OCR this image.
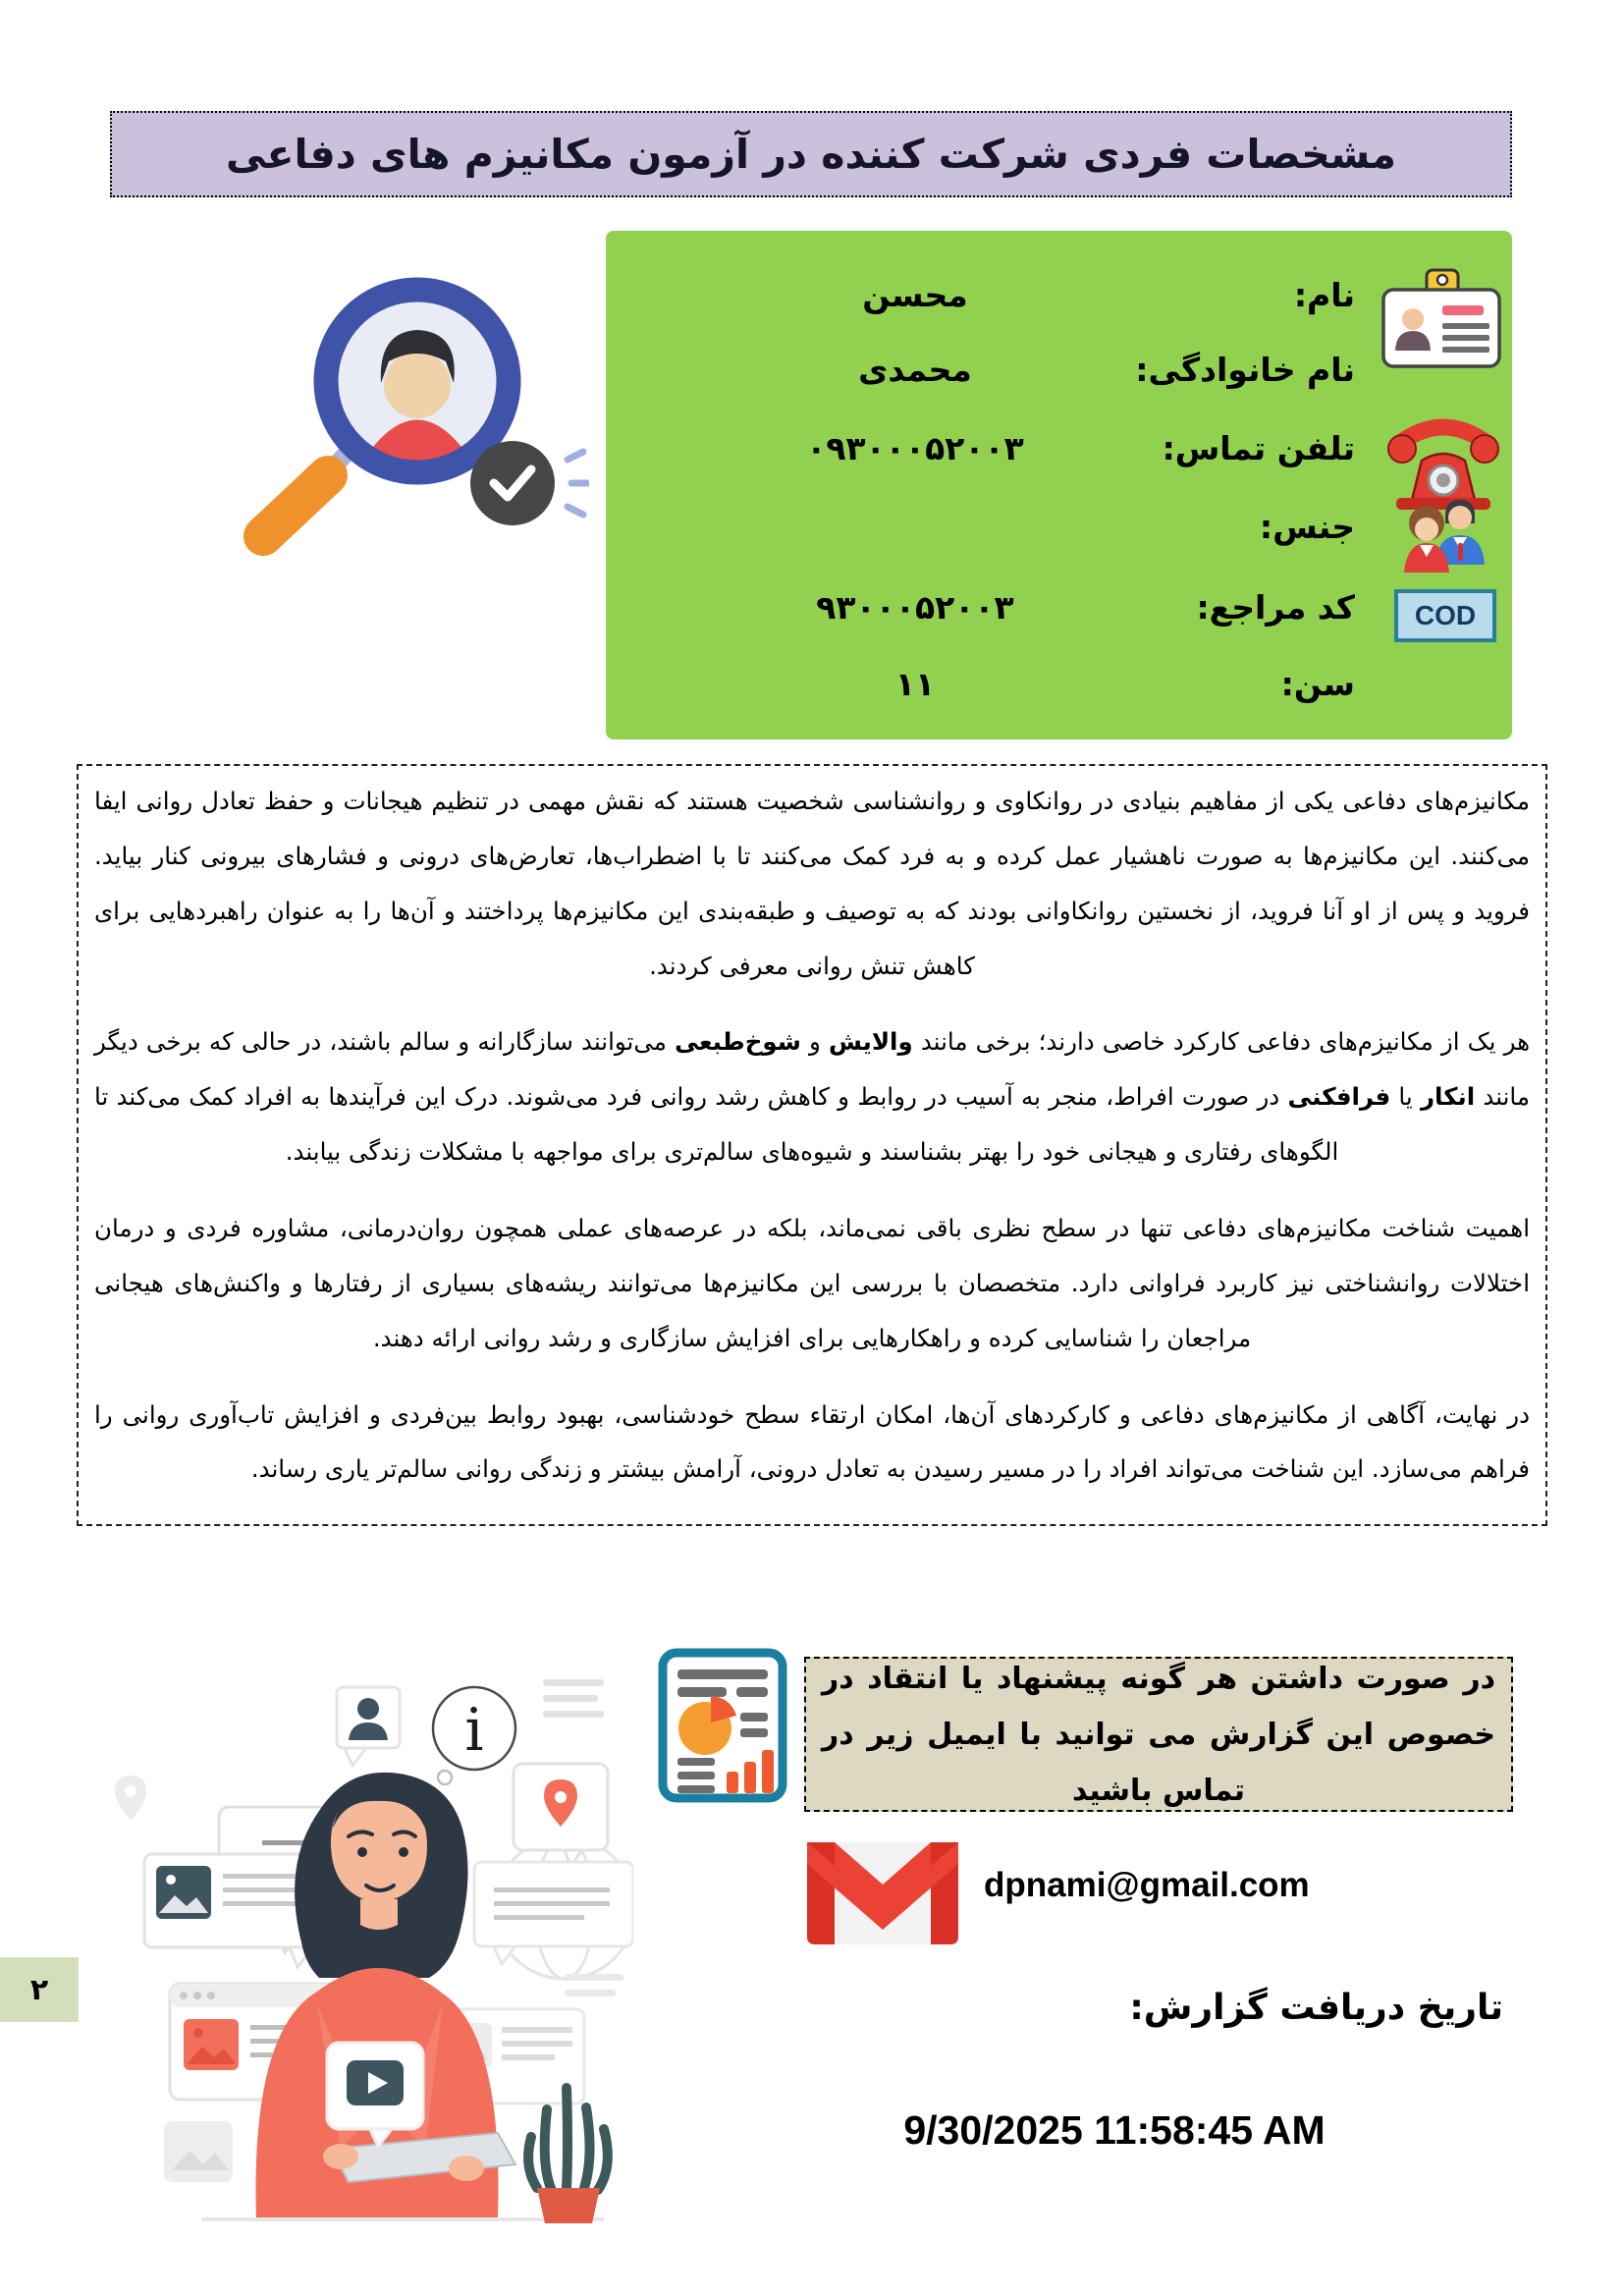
مشخصات فردی شرکت کننده در آزمون مکانیزم های دفاعی
COD
نام:
نام خانوادگی:
تلفن تماس:
جنس:
کد مراجع:
سن:
محسن
محمدی
۰۹۳۰۰۰۵۲۰۰۳
۹۳۰۰۰۵۲۰۰۳
۱۱

مکانیزم‌های دفاعی یکی از مفاهیم بنیادی در روانکاوی و روانشناسی شخصیت هستند که نقش مهمی در تنظیم هیجانات و حفظ تعادل روانی ایفا می‌کنند. این مکانیزم‌ها به صورت ناهشیار عمل کرده و به فرد کمک می‌کنند تا با اضطراب‌ها، تعارض‌های درونی و فشارهای بیرونی کنار بیاید. فروید و پس از او آنا فروید، از نخستین روانکاوانی بودند که به توصیف و طبقه‌بندی این مکانیزم‌ها پرداختند و آن‌ها را به عنوان راهبردهایی برای کاهش تنش روانی معرفی کردند.

هر یک از مکانیزم‌های دفاعی کارکرد خاصی دارند؛ برخی مانند والایش و شوخ‌طبعی می‌توانند سازگارانه و سالم باشند، در حالی که برخی دیگر مانند انکار یا فرافکنی در صورت افراط، منجر به آسیب در روابط و کاهش رشد روانی فرد می‌شوند. درک این فرآیندها به افراد کمک می‌کند تا الگوهای رفتاری و هیجانی خود را بهتر بشناسند و شیوه‌های سالم‌تری برای مواجهه با مشکلات زندگی بیابند.

اهمیت شناخت مکانیزم‌های دفاعی تنها در سطح نظری باقی نمی‌ماند، بلکه در عرصه‌های عملی همچون روان‌درمانی، مشاوره فردی و درمان اختلالات روانشناختی نیز کاربرد فراوانی دارد. متخصصان با بررسی این مکانیزم‌ها می‌توانند ریشه‌های بسیاری از رفتارها و واکنش‌های هیجانی مراجعان را شناسایی کرده و راهکارهایی برای افزایش سازگاری و رشد روانی ارائه دهند.

در نهایت، آگاهی از مکانیزم‌های دفاعی و کارکردهای آن‌ها، امکان ارتقاء سطح خودشناسی، بهبود روابط بین‌فردی و افزایش تاب‌آوری روانی را فراهم می‌سازد. این شناخت می‌تواند افراد را در مسیر رسیدن به تعادل درونی، آرامش بیشتر و زندگی روانی سالم‌تر یاری رساند.

i

در صورت داشتن هر گونه پیشنهاد یا انتقاد در خصوص این گزارش می توانید با ایمیل زیر در تماس باشید

dpnami@gmail.com
تاریخ دریافت گزارش:
9/30/2025 11:58:45 AM
۲
